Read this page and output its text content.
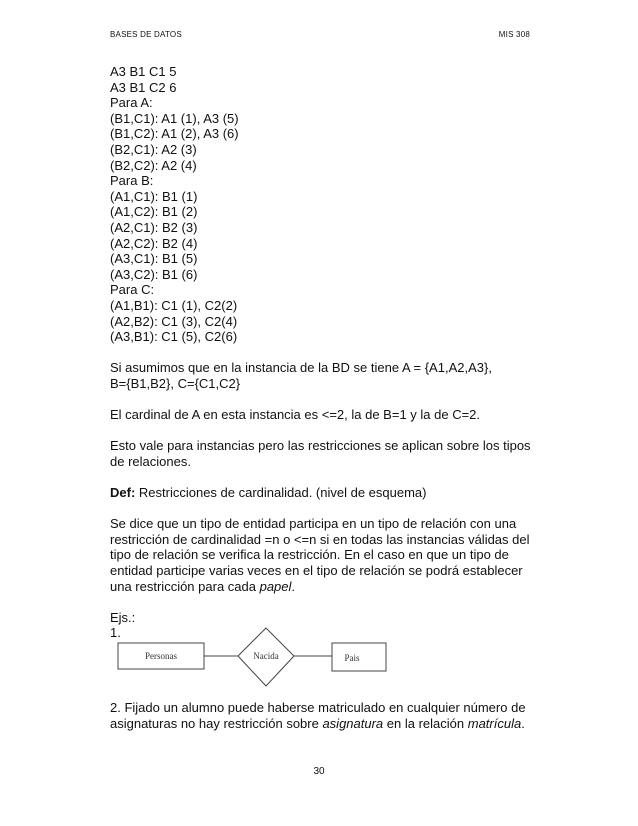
BASES DE DATOS	MIS 308
A3 B1 C1 5
A3 B1 C2 6
Para A:
(B1,C1): A1 (1), A3 (5)
(B1,C2): A1 (2), A3 (6)
(B2,C1): A2 (3)
(B2,C2): A2 (4)
Para B:
(A1,C1): B1 (1)
(A1,C2): B1 (2)
(A2,C1): B2 (3)
(A2,C2): B2 (4)
(A3,C1): B1 (5)
(A3,C2): B1 (6)
Para C:
(A1,B1): C1 (1), C2(2)
(A2,B2): C1 (3), C2(4)
(A3,B1): C1 (5), C2(6)
Si asumimos que en la instancia de la BD se tiene A = {A1,A2,A3},
B={B1,B2}, C={C1,C2}
El cardinal de A en esta instancia es <=2, la de B=1 y la de C=2.
Esto vale para instancias pero las restricciones se aplican sobre los tipos
de relaciones.
Def: Restricciones de cardinalidad. (nivel de esquema)
Se dice que un tipo de entidad participa en un tipo de relación con una
restricción de cardinalidad =n o <=n si en todas las instancias válidas del
tipo de relación se verifica la restricción. En el caso en que un tipo de
entidad participe varias veces en el tipo de relación se podrá establecer
una restricción para cada papel.
Ejs.:
1.
Personas	Nacida	Pais
2. Fijado un alumno puede haberse matriculado en cualquier número de
asignaturas no hay restricción sobre asignatura en la relación matrícula.
30
